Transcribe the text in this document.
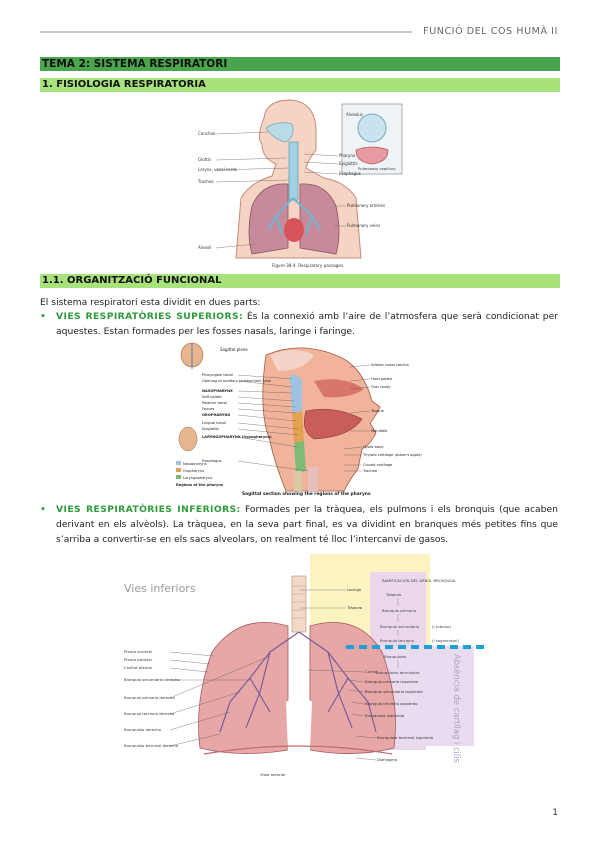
FUNCIÓ DEL COS HUMÀ II
TEMA 2: SISTEMA RESPIRATORI
1. FISIOLOGIA RESPIRATORIA
Alveolus
Pulmonary capillary
Conchae
Glottis
Larynx, vocal cords
Trachea
Alveoli
Pharynx
Epiglottis
Esophagus
Pulmonary arteries
Pulmonary veins
Figure 38-4. Respiratory passages.
1.1. ORGANITZACIÓ FUNCIONAL
El sistema respiratori esta dividit en dues parts:
• VIES RESPIRATÒRIES SUPERIORS: És la connexió amb l’aire de l’atmosfera que serà condicionat per aquestes. Estan formades per les fosses nasals, laringe i faringe.
Sagittal plane
Pharyngeal tonsil
Opening of auditory (eustachian) tube
NASOPHARYNX
Soft palate
Palatine tonsil
Fauces
OROPHARYNX
Lingual tonsil
Epiglottis
LARYNGOPHARYNX (hypopharynx)
Esophagus
Inferior nasal concha
Hard palate
Oral cavity
Tongue
Mandible
Hyoid bone
Thyroid cartilage (Adam's apple)
Cricoid cartilage
Trachea
Nasopharynx
Oropharynx
Laryngopharynx
Regions of the pharynx
Sagittal section showing the regions of the pharynx
• VIES RESPIRATÒRIES INFERIORS: Formades per la tràquea, els pulmons i els bronquis (que acaben derivant en els alvèols). La tràquea, en la seva part final, es va dividint en branques més petites fins que s’arriba a convertir-se en els sacs alveolars, on realment té lloc l’intercanvi de gasos.
Vies inferiors
RAMIFICACIÓN DEL ÁRBOL BRONQUIAL
Tráquea
Bronquio primario
Bronquio secundario
Bronquio terciario
Bronquíolos
Bronquíolos terminales
(I tubular)
(I segmentari)
Absència de cartílag i cilis
Laringe
Tràquea
Pleura visceral
Pleura parietal
Cavitat pleural
Bronquio secundario derecho
Bronquio primario derecho
Bronquio terciario derecho
Bronquiolo derecho
Bronquiolo terminal derecho
Carina
Bronquio primario izquierdo
Bronquio secundario izquierdo
Bronquio terciario izquierdo
Bronquiolo izquierdo
Bronquiolo terminal izquierdo
Diafragma
Vista anterior
1
